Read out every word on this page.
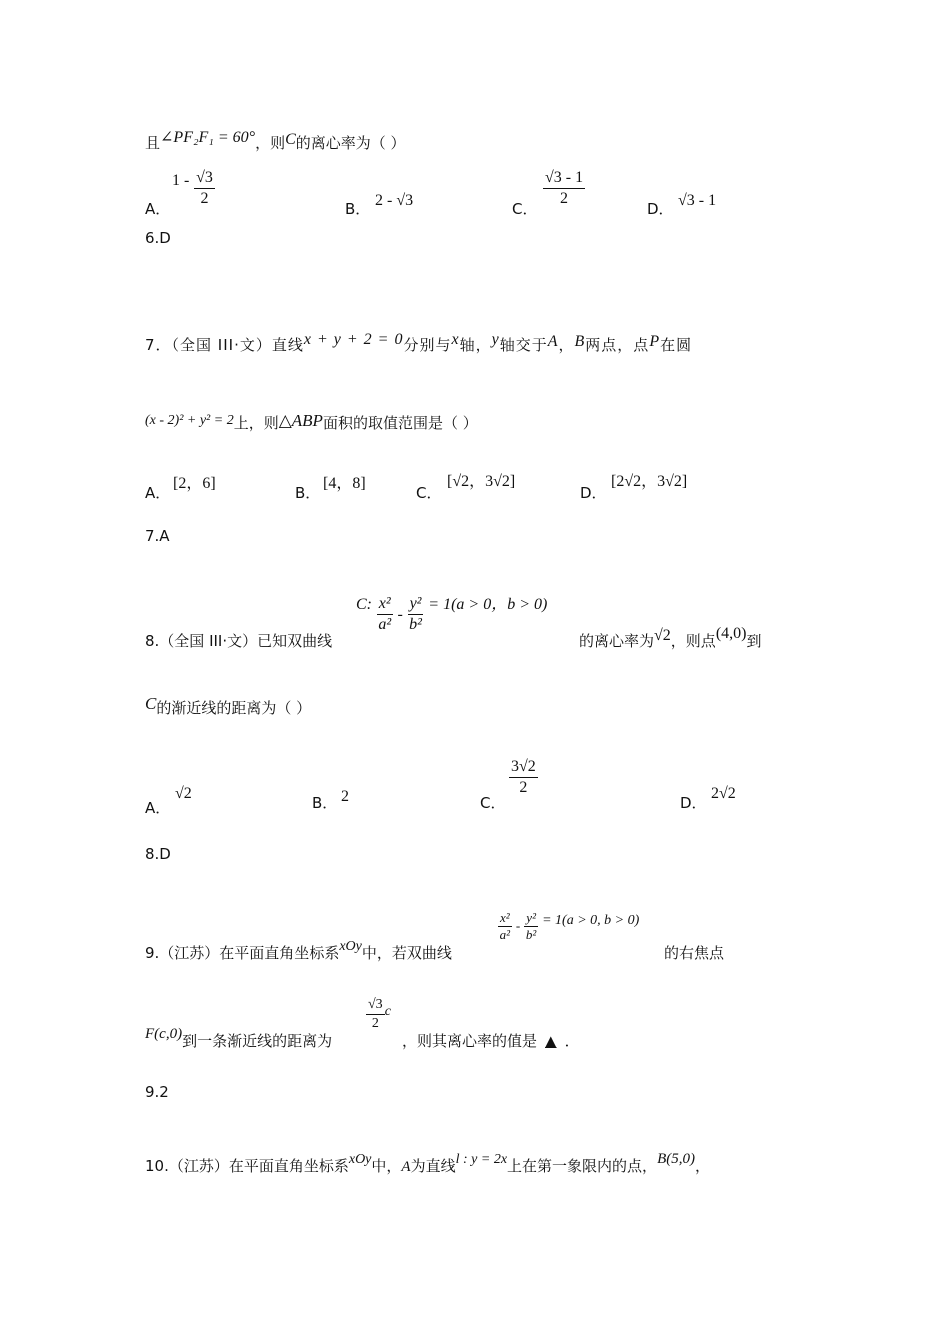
且∠PF₂F₁ = 60°，则C的离心率为（ ）
A．
$1 - \frac{√3}{2}$	B． 2 - √3	C． $\frac{√3 - 1}{2}$	D． √3 - 1
6.D
7．（全国 III·文）直线x + y + 2 = 0分别与x轴，y轴交于A，B两点，点P在圆
(x - 2)² + y² = 2上，则△ABP面积的取值范围是（ ）
A．
[2，6]
B．
[4，8]
C．
[√2，3√2]
D．
[2√2，3√2]
7.A
8.（全国 III·文）已知双曲线
C: $\frac{\text{x²}}{\text{a²}} - \frac{\text{y²}}{\text{b²}} = 1(a > 0$，b > 0)
的离心率为√2，则点(4,0)到
C的渐近线的距离为（ ）
A．
√2
B． 2	C．
$\frac{3√2}{2}$
D．
2√2
8.D
9.（江苏）在平面直角坐标系xOy中，若双曲线
$\frac{\text{x²}}{\text{a²}} - \frac{\text{y²}}{\text{b²}} = 1(a > 0$, b > 0)
的右焦点
F(c,0)到一条渐近线的距离为
$\frac{√3}{2}$ c
，则其离心率的值是 ▲ ．
9.2
10.（江苏）在平面直角坐标系xOy中，A为直线l : y = 2x上在第一象限内的点，B(5,0)，
